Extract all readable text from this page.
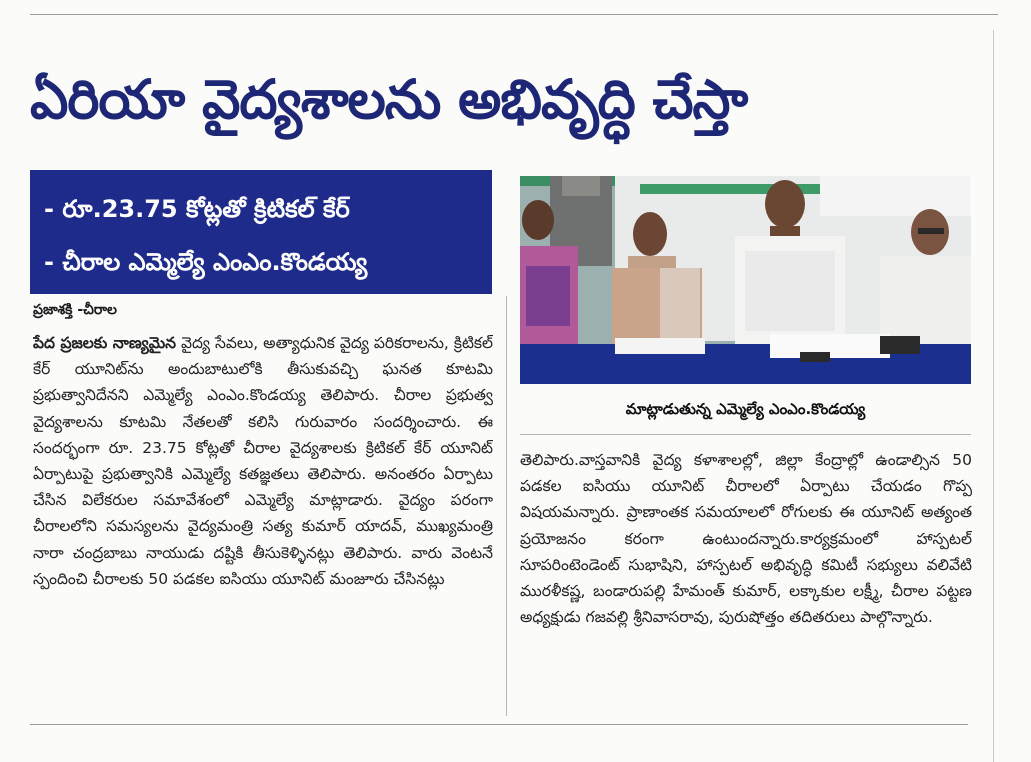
ఏరియా వైద్యశాలను అభివృద్ధి చేస్తా
- రూ.23.75 కోట్లతో క్రిటికల్ కేర్
- చీరాల ఎమ్మెల్యే ఎంఎం.కొండయ్య
ప్రజాశక్తి -చీరాల

పేద ప్రజలకు నాణ్యమైన వైద్య సేవలు, అత్యాధునిక వైద్య పరికరాలను, క్రిటికల్ కేర్ యూనిట్‌ను అందుబాటులోకి తీసుకువచ్చి ఘనత కూటమి ప్రభుత్వానిదేనని ఎమ్మెల్యే ఎంఎం.కొండయ్య తెలిపారు. చీరాల ప్రభుత్వ వైద్యశాలను కూటమి నేతలతో కలిసి గురువారం సందర్శించారు. ఈ సందర్భంగా రూ. 23.75 కోట్లతో చీరాల వైద్యశాలకు క్రిటికల్ కేర్ యూనిట్ ఏర్పాటుపై ప్రభుత్వానికి ఎమ్మెల్యే కతజ్ఞతలు తెలిపారు. అనంతరం ఏర్పాటు చేసిన విలేకరుల సమావేశంలో ఎమ్మెల్యే మాట్లాడారు. వైద్యం పరంగా చీరాలలోని సమస్యలను వైద్యమంత్రి సత్య కుమార్ యాదవ్, ముఖ్యమంత్రి నారా చంద్రబాబు నాయుడు దష్టికి తీసుకెళ్ళినట్లు తెలిపారు. వారు వెంటనే స్పందించి చీరాలకు 50 పడకల ఐసియు యూనిట్ మంజూరు చేసినట్లు

మాట్లాడుతున్న ఎమ్మెల్యే ఎంఎం.కొండయ్య

తెలిపారు.వాస్తవానికి వైద్య కళాశాలల్లో, జిల్లా కేంద్రాల్లో ఉండాల్సిన 50 పడకల ఐసియు యూనిట్ చీరాలలో ఏర్పాటు చేయడం గొప్ప విషయమన్నారు. ప్రాణాంతక సమయాలలో రోగులకు ఈ యూనిట్ అత్యంత ప్రయోజనం కరంగా ఉంటుందన్నారు.కార్యక్రమంలో హాస్పటల్ సూపరింటెండెంట్ సుభాషిని, హాస్పటల్ అభివృద్ధి కమిటీ సభ్యులు వలివేటి మురళీకష్ణ, బండారుపల్లి హేమంత్ కుమార్, లక్కాకుల లక్ష్మీ, చీరాల పట్టణ అధ్యక్షుడు గజవల్లి శ్రీనివాసరావు, పురుషోత్తం తదితరులు పాల్గొన్నారు.
